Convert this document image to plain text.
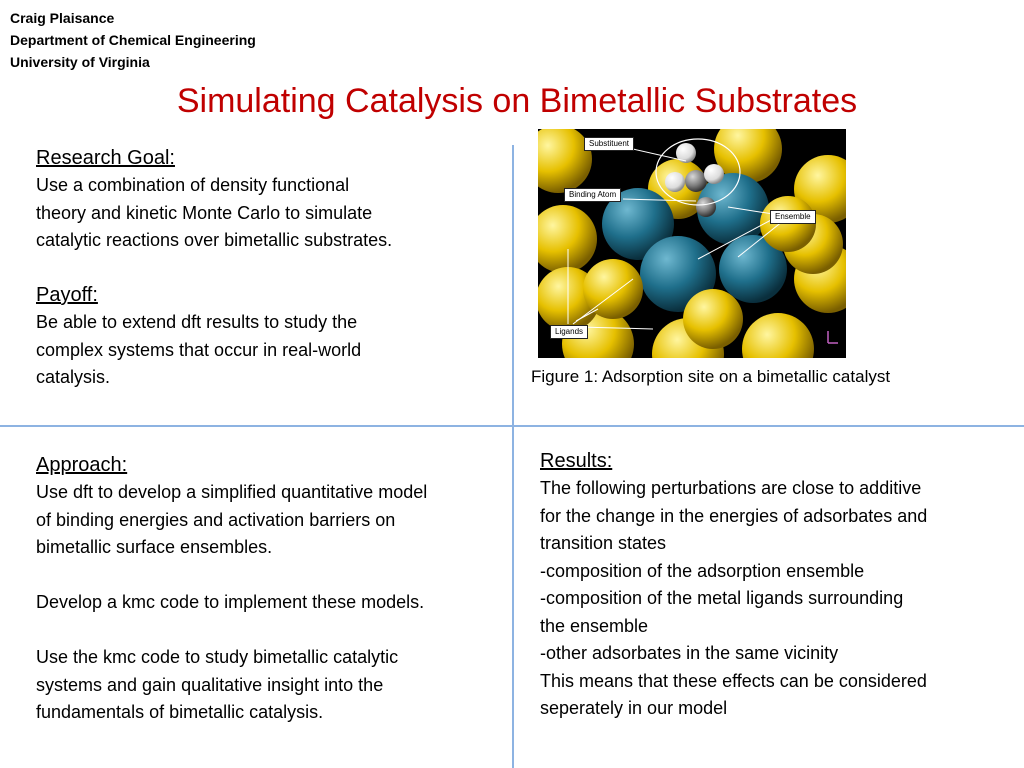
Craig Plaisance
Department of Chemical Engineering
University of Virginia
Simulating Catalysis on Bimetallic Substrates
Research Goal:
Use a combination of density functional
theory and kinetic Monte Carlo to simulate
catalytic reactions over bimetallic substrates.
Payoff:
Be able to extend dft results to study the
complex systems that occur in real-world
catalysis.
Substituent
Binding Atom
Ensemble
Ligands
Figure 1: Adsorption site on a bimetallic catalyst
Approach:
Use dft to develop a simplified quantitative model
of binding energies and activation barriers on
bimetallic surface ensembles.
Develop a kmc code to implement these models.
Use the kmc code to study bimetallic catalytic
systems and gain qualitative insight into the
fundamentals of bimetallic catalysis.
Results:
The following perturbations are close to additive
for the change in the energies of adsorbates and
transition states
-composition of the adsorption ensemble
-composition of the metal ligands surrounding
the ensemble
-other adsorbates in the same vicinity
This means that these effects can be considered
seperately in our model
